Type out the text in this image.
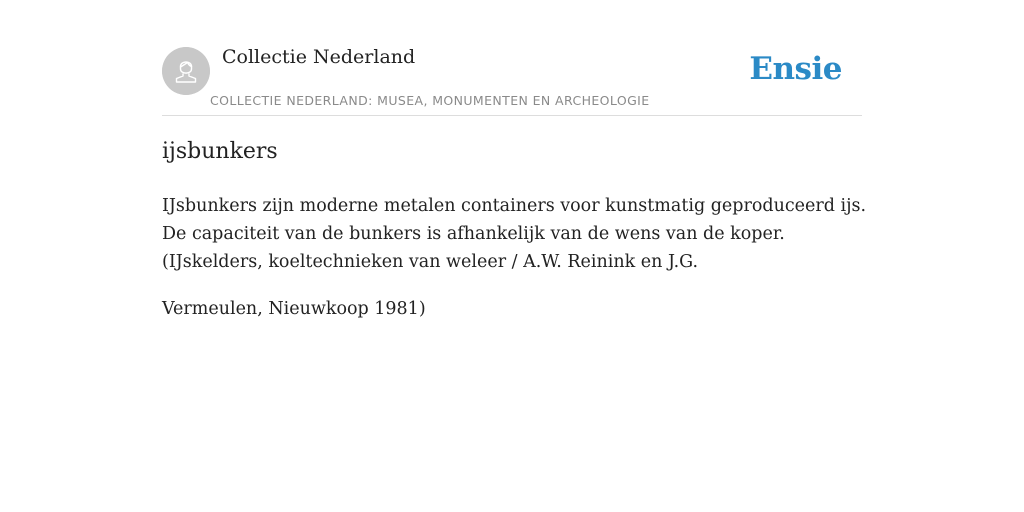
Collectie Nederland
COLLECTIE NEDERLAND: MUSEA, MONUMENTEN EN ARCHEOLOGIE
Ensie
ijsbunkers

IJsbunkers zijn moderne metalen containers voor kunstmatig geproduceerd ijs. De capaciteit van de bunkers is afhankelijk van de wens van de koper. (IJskelders, koeltechnieken van weleer / A.W. Reinink en J.G.

Vermeulen, Nieuwkoop 1981)
